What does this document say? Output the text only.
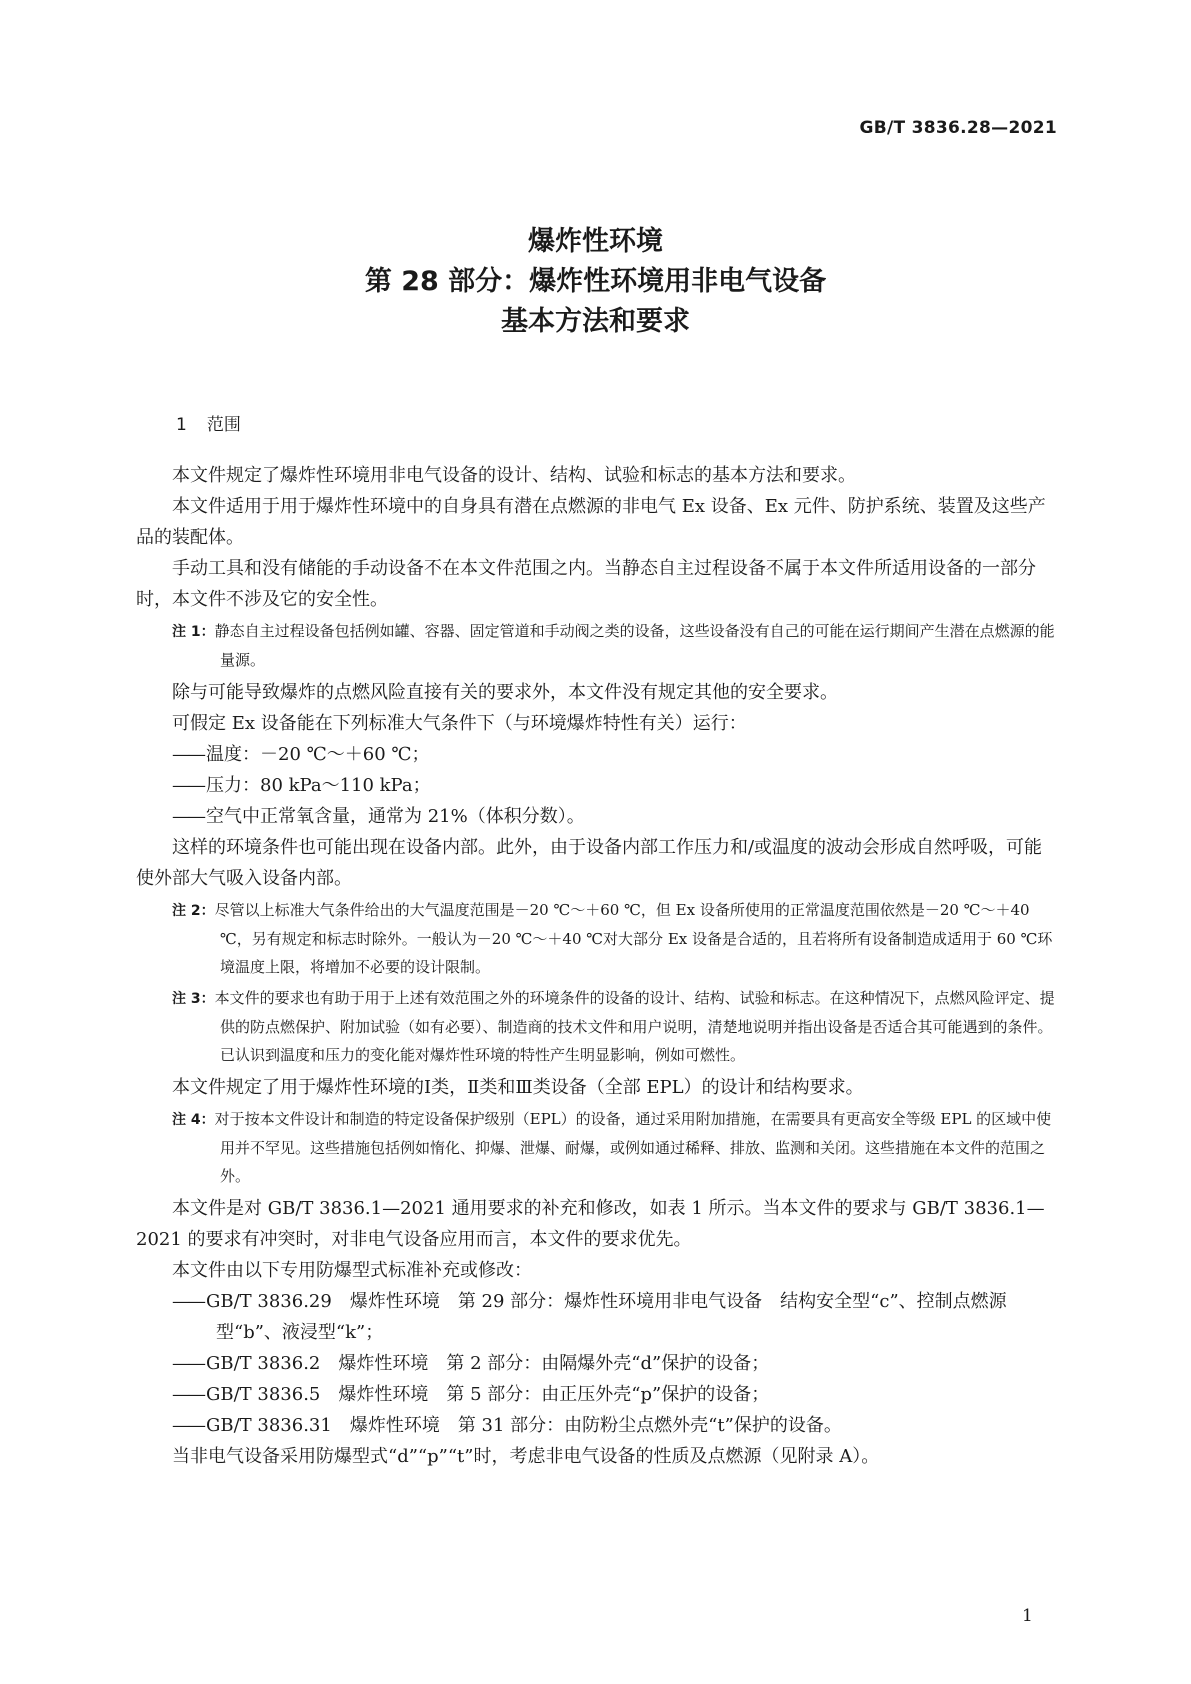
GB/T 3836.28—2021
爆炸性环境
第 28 部分：爆炸性环境用非电气设备
基本方法和要求
1 范围

本文件规定了爆炸性环境用非电气设备的设计、结构、试验和标志的基本方法和要求。

本文件适用于用于爆炸性环境中的自身具有潜在点燃源的非电气 Ex 设备、Ex 元件、防护系统、装置及这些产品的装配体。

手动工具和没有储能的手动设备不在本文件范围之内。当静态自主过程设备不属于本文件所适用设备的一部分时，本文件不涉及它的安全性。

注 1：静态自主过程设备包括例如罐、容器、固定管道和手动阀之类的设备，这些设备没有自己的可能在运行期间产生潜在点燃源的能量源。

除与可能导致爆炸的点燃风险直接有关的要求外，本文件没有规定其他的安全要求。

可假定 Ex 设备能在下列标准大气条件下（与环境爆炸特性有关）运行：

—— 温度：－20 ℃～＋60 ℃；

—— 压力：80 kPa～110 kPa；

—— 空气中正常氧含量，通常为 21%（体积分数）。

这样的环境条件也可能出现在设备内部。此外，由于设备内部工作压力和/或温度的波动会形成自然呼吸，可能使外部大气吸入设备内部。

注 2：尽管以上标准大气条件给出的大气温度范围是－20 ℃～＋60 ℃，但 Ex 设备所使用的正常温度范围依然是－20 ℃～＋40 ℃，另有规定和标志时除外。一般认为－20 ℃～＋40 ℃对大部分 Ex 设备是合适的，且若将所有设备制造成适用于 60 ℃环境温度上限，将增加不必要的设计限制。
注 3：本文件的要求也有助于用于上述有效范围之外的环境条件的设备的设计、结构、试验和标志。在这种情况下，点燃风险评定、提供的防点燃保护、附加试验（如有必要）、制造商的技术文件和用户说明，清楚地说明并指出设备是否适合其可能遇到的条件。已认识到温度和压力的变化能对爆炸性环境的特性产生明显影响，例如可燃性。

本文件规定了用于爆炸性环境的Ⅰ类，Ⅱ类和Ⅲ类设备（全部 EPL）的设计和结构要求。

注 4：对于按本文件设计和制造的特定设备保护级别（EPL）的设备，通过采用附加措施，在需要具有更高安全等级 EPL 的区域中使用并不罕见。这些措施包括例如惰化、抑爆、泄爆、耐爆，或例如通过稀释、排放、监测和关闭。这些措施在本文件的范围之外。

本文件是对 GB/T 3836.1—2021 通用要求的补充和修改，如表 1 所示。当本文件的要求与 GB/T 3836.1—2021 的要求有冲突时，对非电气设备应用而言，本文件的要求优先。

本文件由以下专用防爆型式标准补充或修改：

—— GB/T 3836.29　爆炸性环境　第 29 部分：爆炸性环境用非电气设备　结构安全型“c”、控制点燃源型“b”、液浸型“k”；

—— GB/T 3836.2　爆炸性环境　第 2 部分：由隔爆外壳“d”保护的设备；

—— GB/T 3836.5　爆炸性环境　第 5 部分：由正压外壳“p”保护的设备；

—— GB/T 3836.31　爆炸性环境　第 31 部分：由防粉尘点燃外壳“t”保护的设备。

当非电气设备采用防爆型式“d”“p”“t”时，考虑非电气设备的性质及点燃源（见附录 A）。

1
